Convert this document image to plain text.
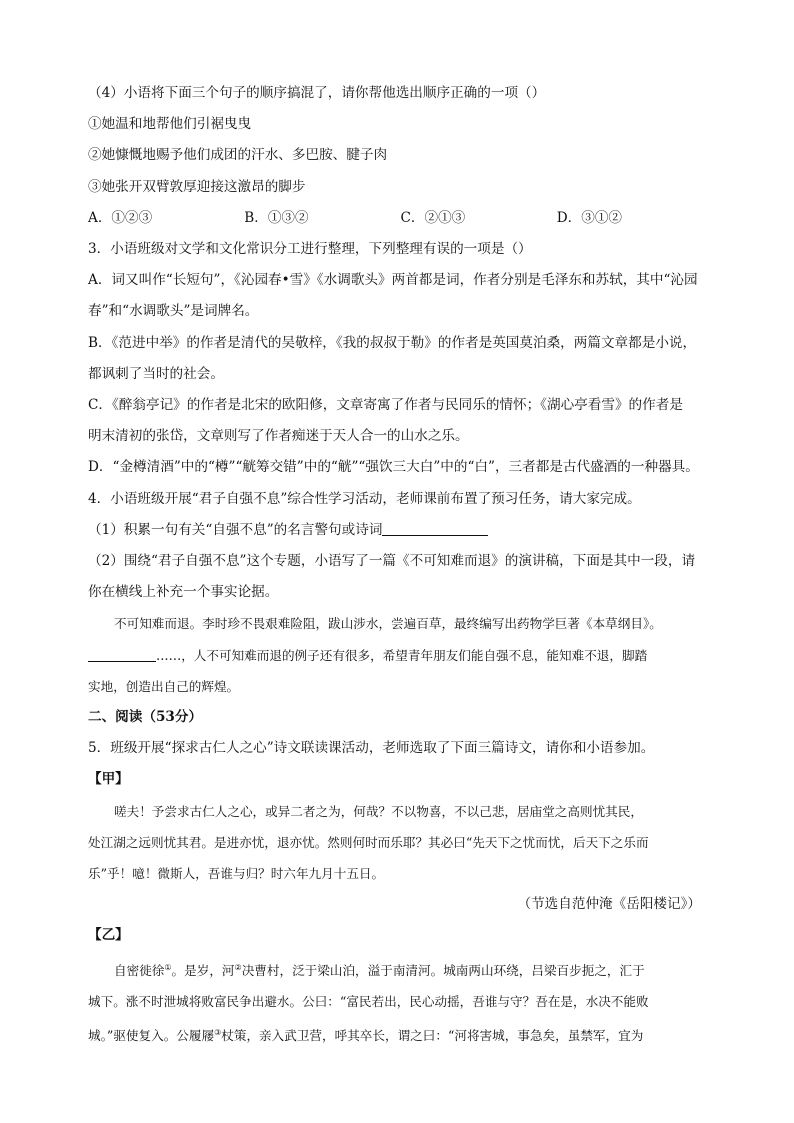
（4）小语将下面三个句子的顺序搞混了，请你帮他选出顺序正确的一项（）

①她温和地帮他们引裾曳曳

②她慷慨地赐予他们成团的汗水、多巴胺、腱子肉

③她张开双臂敦厚迎接这激昂的脚步

A．①②③	B．①③②	C．②①③	D．③①②

3．小语班级对文学和文化常识分工进行整理，下列整理有误的一项是（）

A．词又叫作“长短句”，《沁园春•雪》《水调歌头》两首都是词，作者分别是毛泽东和苏轼，其中“沁园

春”和“水调歌头”是词牌名。

B．《范进中举》的作者是清代的吴敬梓，《我的叔叔于勒》的作者是英国莫泊桑，两篇文章都是小说，

都讽刺了当时的社会。

C．《醉翁亭记》的作者是北宋的欧阳修，文章寄寓了作者与民同乐的情怀；《湖心亭看雪》的作者是

明末清初的张岱，文章则写了作者痴迷于天人合一的山水之乐。

D．“金樽清酒”中的“樽”“觥筹交错”中的“觥”“强饮三大白”中的“白”，三者都是古代盛酒的一种器具。

4．小语班级开展“君子自强不息”综合性学习活动，老师课前布置了预习任务，请大家完成。

（1）积累一句有关“自强不息”的名言警句或诗词

（2）围绕“君子自强不息”这个专题，小语写了一篇《不可知难而退》的演讲稿，下面是其中一段，请

你在横线上补充一个事实论据。

不可知难而退。李时珍不畏艰难险阻，跋山涉水，尝遍百草，最终编写出药物学巨著《本草纲目》。

……，人不可知难而退的例子还有很多，希望青年朋友们能自强不息，能知难不退，脚踏

实地，创造出自己的辉煌。

二、阅读（53分）

5．班级开展“探求古仁人之心”诗文联读课活动，老师选取了下面三篇诗文，请你和小语参加。

【甲】

嗟夫！予尝求古仁人之心，或异二者之为，何哉？不以物喜，不以己悲，居庙堂之高则忧其民，

处江湖之远则忧其君。是进亦忧，退亦忧。然则何时而乐耶？其必曰“先天下之忧而忧，后天下之乐而

乐”乎！噫！微斯人，吾谁与归？时六年九月十五日。

（节选自范仲淹《岳阳楼记》）

【乙】

自密徙徐①。是岁，河②决曹村，泛于梁山泊，溢于南清河。城南两山环绕，吕梁百步扼之，汇于

城下。涨不时泄城将败富民争出避水。公曰：“富民若出，民心动摇，吾谁与守？吾在是，水决不能败

城。”驱使复入。公履屦③杖策，亲入武卫营，呼其卒长，谓之曰：“河将害城，事急矣，虽禁军，宜为
